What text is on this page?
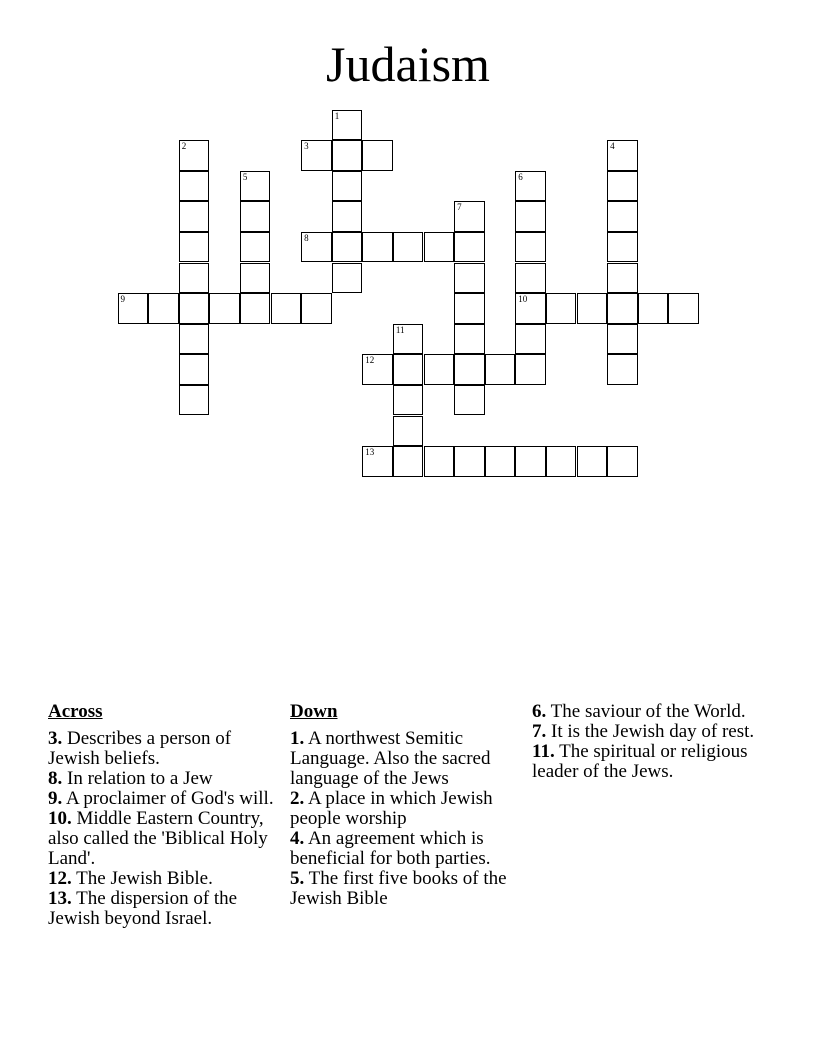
Judaism
1
2	3	4
5	6
7
8
9	10
11
12
13
Across
3. Describes a person of Jewish beliefs.
8. In relation to a Jew
9. A proclaimer of God's will.
10. Middle Eastern Country, also called the 'Biblical Holy Land'.
12. The Jewish Bible.
13. The dispersion of the Jewish beyond Israel.
Down
1. A northwest Semitic Language. Also the sacred language of the Jews
2. A place in which Jewish people worship
4. An agreement which is beneficial for both parties.
5. The first five books of the Jewish Bible
6. The saviour of the World.
7. It is the Jewish day of rest.
11. The spiritual or religious leader of the Jews.
